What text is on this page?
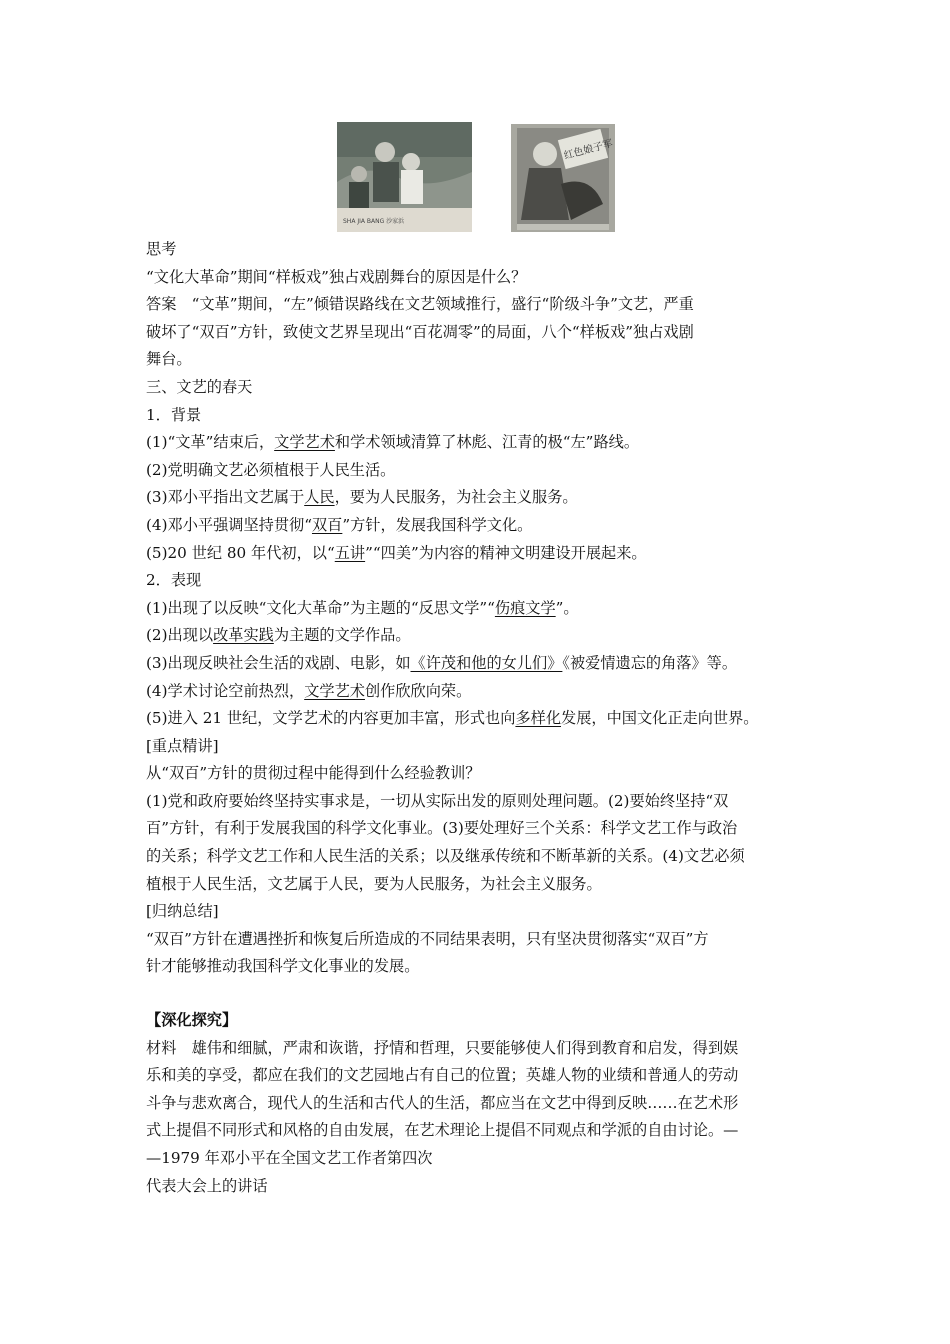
SHA JIA BANG 沙家浜
红色娘子军
思考
“文化大革命”期间“样板戏”独占戏剧舞台的原因是什么？
答案　“文革”期间，“左”倾错误路线在文艺领域推行，盛行“阶级斗争”文艺，严重
破坏了“双百”方针，致使文艺界呈现出“百花凋零”的局面，八个“样板戏”独占戏剧
舞台。
三、文艺的春天
1．背景
(1)“文革”结束后，文学艺术和学术领域清算了林彪、江青的极“左”路线。
(2)党明确文艺必须植根于人民生活。
(3)邓小平指出文艺属于人民，要为人民服务，为社会主义服务。
(4)邓小平强调坚持贯彻“双百”方针，发展我国科学文化。
(5)20 世纪 80 年代初，以“五讲”“四美”为内容的精神文明建设开展起来。
2．表现
(1)出现了以反映“文化大革命”为主题的“反思文学”“伤痕文学”。
(2)出现以改革实践为主题的文学作品。
(3)出现反映社会生活的戏剧、电影，如《许茂和他的女儿们》《被爱情遗忘的角落》等。
(4)学术讨论空前热烈，文学艺术创作欣欣向荣。
(5)进入 21 世纪，文学艺术的内容更加丰富，形式也向多样化发展，中国文化正走向世界。
[重点精讲]
从“双百”方针的贯彻过程中能得到什么经验教训？
(1)党和政府要始终坚持实事求是，一切从实际出发的原则处理问题。(2)要始终坚持“双
百”方针，有利于发展我国的科学文化事业。(3)要处理好三个关系：科学文艺工作与政治
的关系；科学文艺工作和人民生活的关系；以及继承传统和不断革新的关系。(4)文艺必须
植根于人民生活，文艺属于人民，要为人民服务，为社会主义服务。
[归纳总结]
“双百”方针在遭遇挫折和恢复后所造成的不同结果表明，只有坚决贯彻落实“双百”方
针才能够推动我国科学文化事业的发展。
【深化探究】
材料　雄伟和细腻，严肃和诙谐，抒情和哲理，只要能够使人们得到教育和启发，得到娱
乐和美的享受，都应在我们的文艺园地占有自己的位置；英雄人物的业绩和普通人的劳动
斗争与悲欢离合，现代人的生活和古代人的生活，都应当在文艺中得到反映……在艺术形
式上提倡不同形式和风格的自由发展，在艺术理论上提倡不同观点和学派的自由讨论。—
—1979 年邓小平在全国文艺工作者第四次
代表大会上的讲话
